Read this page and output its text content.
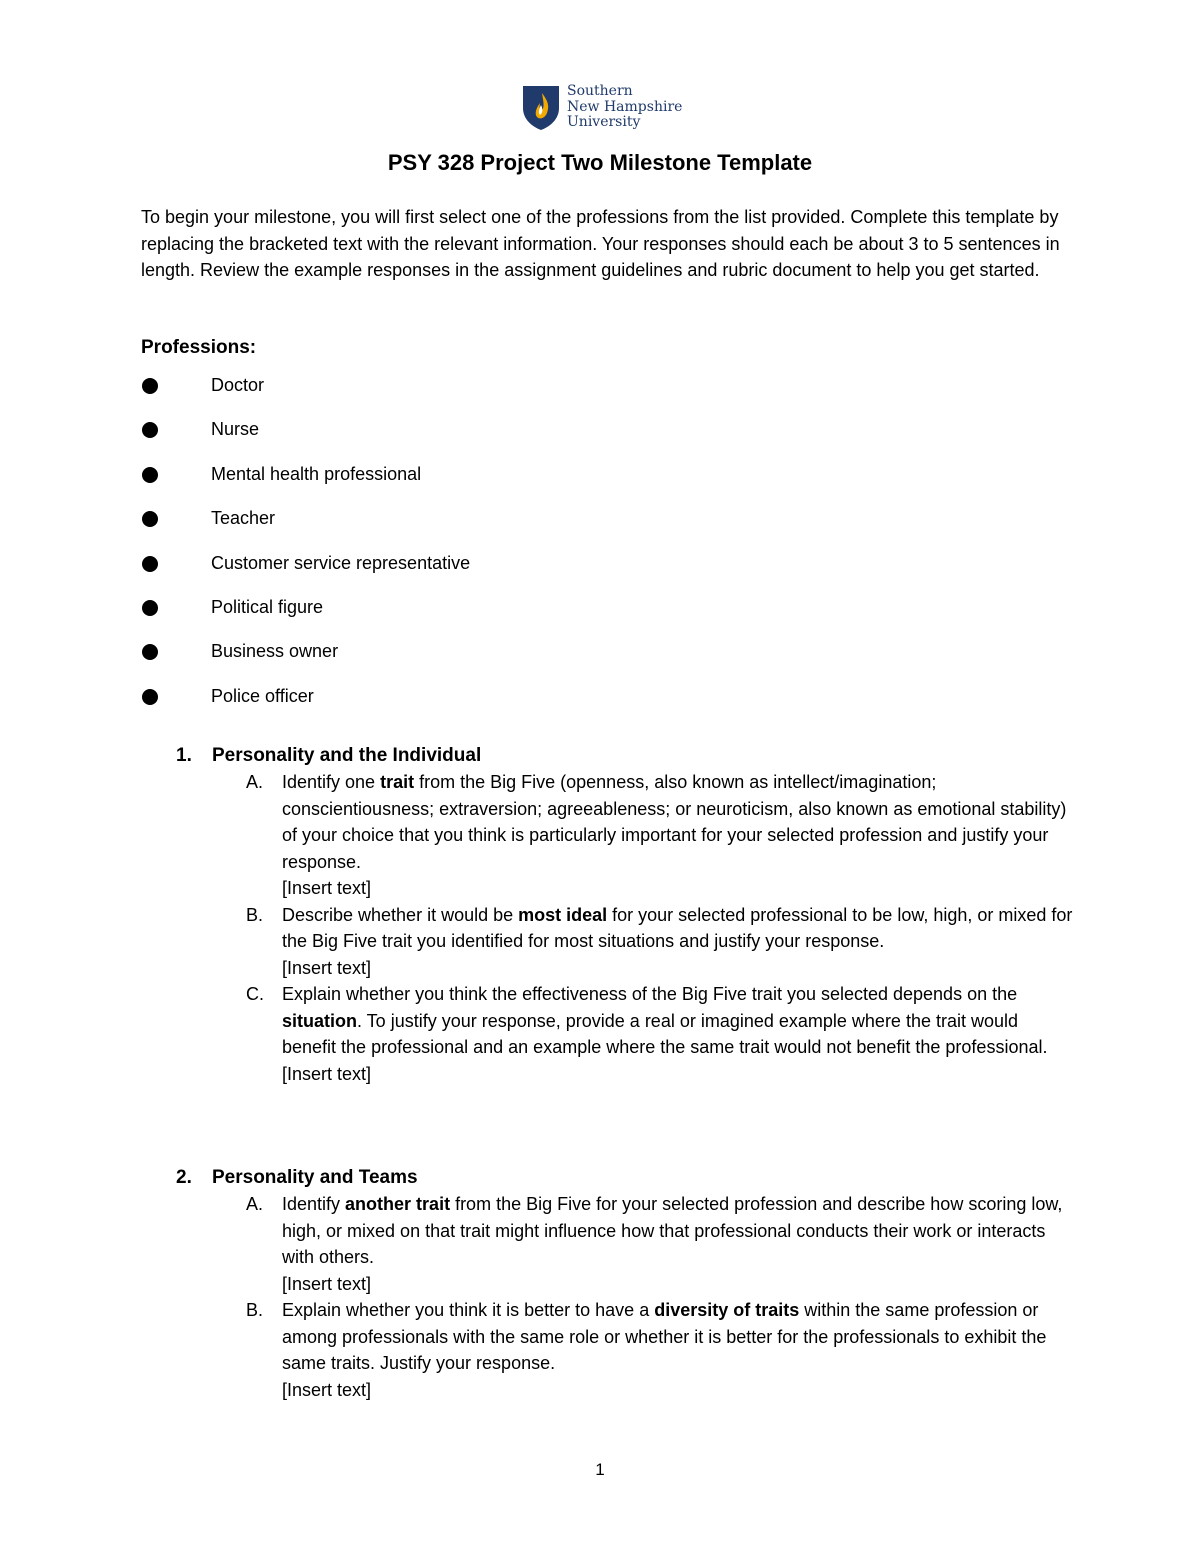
Southern
New Hampshire
University
PSY 328 Project Two Milestone Template
To begin your milestone, you will first select one of the professions from the list provided. Complete this template by replacing the bracketed text with the relevant information. Your responses should each be about 3 to 5 sentences in length. Review the example responses in the assignment guidelines and rubric document to help you get started.
Professions:
Doctor
Nurse
Mental health professional
Teacher
Customer service representative
Political figure
Business owner
Police officer
1. Personality and the Individual
A. Identify one trait from the Big Five (openness, also known as intellect/imagination; conscientiousness; extraversion; agreeableness; or neuroticism, also known as emotional stability) of your choice that you think is particularly important for your selected profession and justify your response.
[Insert text]
B. Describe whether it would be most ideal for your selected professional to be low, high, or mixed for the Big Five trait you identified for most situations and justify your response.
[Insert text]
C. Explain whether you think the effectiveness of the Big Five trait you selected depends on the situation. To justify your response, provide a real or imagined example where the trait would benefit the professional and an example where the same trait would not benefit the professional.
[Insert text]
2. Personality and Teams
A. Identify another trait from the Big Five for your selected profession and describe how scoring low, high, or mixed on that trait might influence how that professional conducts their work or interacts with others.
[Insert text]
B. Explain whether you think it is better to have a diversity of traits within the same profession or among professionals with the same role or whether it is better for the professionals to exhibit the same traits. Justify your response.
[Insert text]
1
